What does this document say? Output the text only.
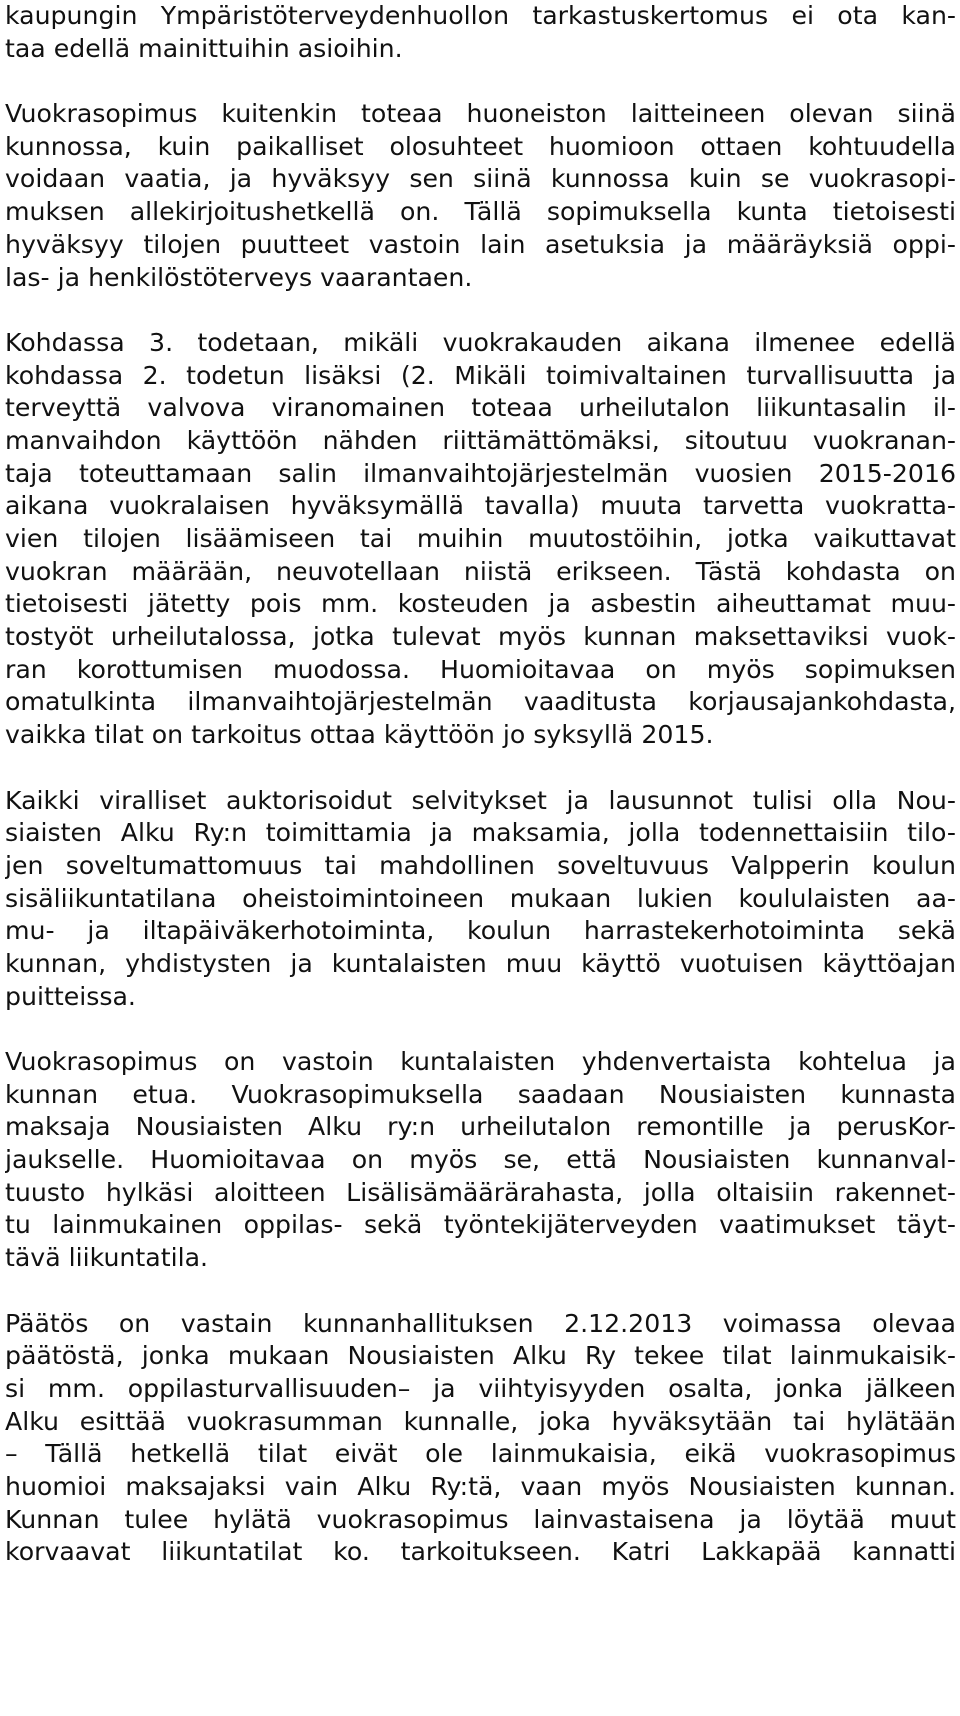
kaupungin Ympäristöterveydenhuollon tarkastuskertomus ei ota kan-
taa edellä mainittuihin asioihin.
Vuokrasopimus kuitenkin toteaa huoneiston laitteineen olevan siinä
kunnossa, kuin paikalliset olosuhteet huomioon ottaen kohtuudella
voidaan vaatia, ja hyväksyy sen siinä kunnossa kuin se vuokrasopi-
muksen allekirjoitushetkellä on. Tällä sopimuksella kunta tietoisesti
hyväksyy tilojen puutteet vastoin lain asetuksia ja määräyksiä oppi-
las- ja henkilöstöterveys vaarantaen.
Kohdassa 3. todetaan, mikäli vuokrakauden aikana ilmenee edellä
kohdassa 2. todetun lisäksi (2. Mikäli toimivaltainen turvallisuutta ja
terveyttä valvova viranomainen toteaa urheilutalon liikuntasalin il-
manvaihdon käyttöön nähden riittämättömäksi, sitoutuu vuokranan-
taja toteuttamaan salin ilmanvaihtojärjestelmän vuosien 2015-2016
aikana vuokralaisen hyväksymällä tavalla) muuta tarvetta vuokratta-
vien tilojen lisäämiseen tai muihin muutostöihin, jotka vaikuttavat
vuokran määrään, neuvotellaan niistä erikseen. Tästä kohdasta on
tietoisesti jätetty pois mm. kosteuden ja asbestin aiheuttamat muu-
tostyöt urheilutalossa, jotka tulevat myös kunnan maksettaviksi vuok-
ran korottumisen muodossa. Huomioitavaa on myös sopimuksen
omatulkinta ilmanvaihtojärjestelmän vaaditusta korjausajankohdasta,
vaikka tilat on tarkoitus ottaa käyttöön jo syksyllä 2015.
Kaikki viralliset auktorisoidut selvitykset ja lausunnot tulisi olla Nou-
siaisten Alku Ry:n toimittamia ja maksamia, jolla todennettaisiin tilo-
jen soveltumattomuus tai mahdollinen soveltuvuus Valpperin koulun
sisäliikuntatilana oheistoimintoineen mukaan lukien koululaisten aa-
mu- ja iltapäiväkerhotoiminta, koulun harrastekerhotoiminta sekä
kunnan, yhdistysten ja kuntalaisten muu käyttö vuotuisen käyttöajan
puitteissa.
Vuokrasopimus on vastoin kuntalaisten yhdenvertaista kohtelua ja
kunnan etua. Vuokrasopimuksella saadaan Nousiaisten kunnasta
maksaja Nousiaisten Alku ry:n urheilutalon remontille ja perusKor-
jaukselle. Huomioitavaa on myös se, että Nousiaisten kunnanval-
tuusto hylkäsi aloitteen Lisälisämäärärahasta, jolla oltaisiin rakennet-
tu lainmukainen oppilas- sekä työntekijäterveyden vaatimukset täyt-
tävä liikuntatila.
Päätös on vastain kunnanhallituksen 2.12.2013 voimassa olevaa
päätöstä, jonka mukaan Nousiaisten Alku Ry tekee tilat lainmukaisik-
si mm. oppilasturvallisuuden– ja viihtyisyyden osalta, jonka jälkeen
Alku esittää vuokrasumman kunnalle, joka hyväksytään tai hylätään
– Tällä hetkellä tilat eivät ole lainmukaisia, eikä vuokrasopimus
huomioi maksajaksi vain Alku Ry:tä, vaan myös Nousiaisten kunnan.
Kunnan tulee hylätä vuokrasopimus lainvastaisena ja löytää muut
korvaavat liikuntatilat ko. tarkoitukseen. Katri Lakkapää kannatti
